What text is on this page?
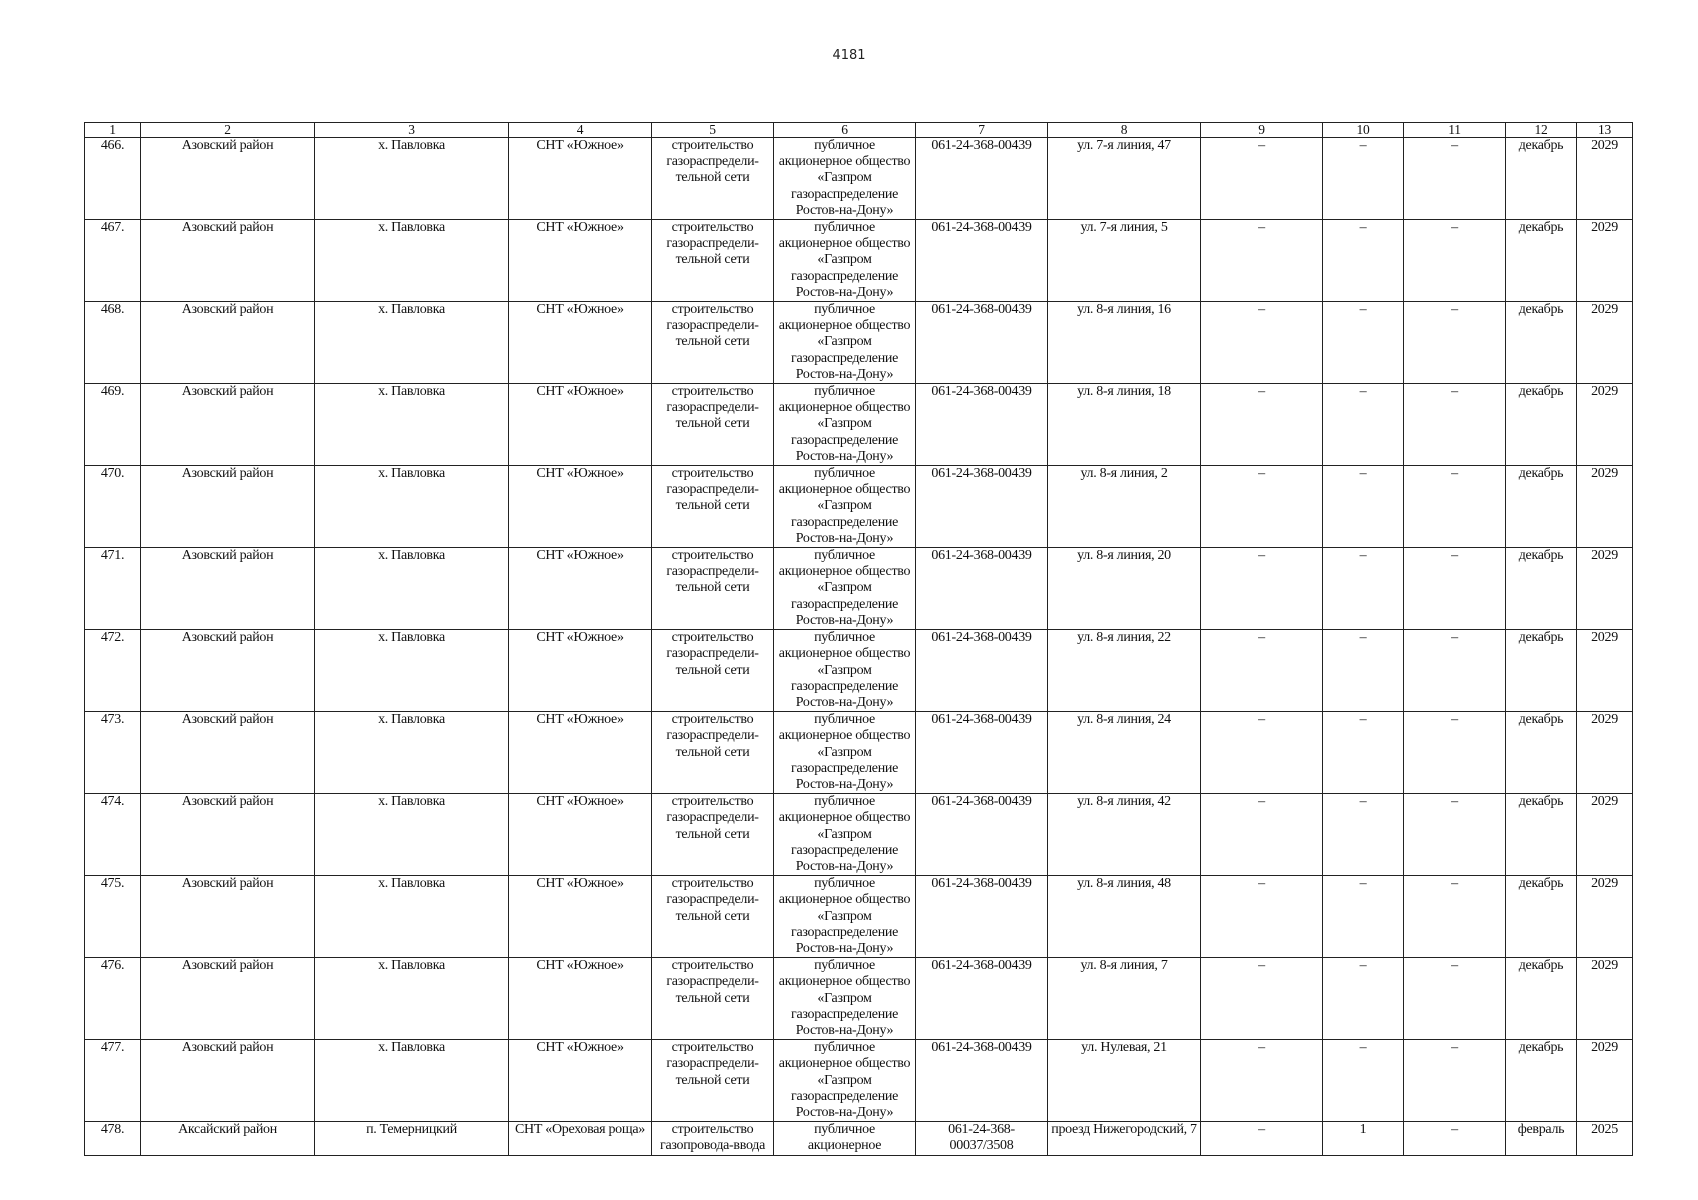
4181
1	2	3	4	5	6	7	8	9	10	11	12	13
466.	Азовский район	х. Павловка	СНТ «Южное»	строительство газораспредели-тельной сети	публичное акционерное общество «Газпром газораспределение Ростов-на-Дону»	061-24-368-00439	ул. 7-я линия, 47	–	–	–	декабрь	2029
467.	Азовский район	х. Павловка	СНТ «Южное»	строительство газораспредели-тельной сети	публичное акционерное общество «Газпром газораспределение Ростов-на-Дону»	061-24-368-00439	ул. 7-я линия, 5	–	–	–	декабрь	2029
468.	Азовский район	х. Павловка	СНТ «Южное»	строительство газораспредели-тельной сети	публичное акционерное общество «Газпром газораспределение Ростов-на-Дону»	061-24-368-00439	ул. 8-я линия, 16	–	–	–	декабрь	2029
469.	Азовский район	х. Павловка	СНТ «Южное»	строительство газораспредели-тельной сети	публичное акционерное общество «Газпром газораспределение Ростов-на-Дону»	061-24-368-00439	ул. 8-я линия, 18	–	–	–	декабрь	2029
470.	Азовский район	х. Павловка	СНТ «Южное»	строительство газораспредели-тельной сети	публичное акционерное общество «Газпром газораспределение Ростов-на-Дону»	061-24-368-00439	ул. 8-я линия, 2	–	–	–	декабрь	2029
471.	Азовский район	х. Павловка	СНТ «Южное»	строительство газораспредели-тельной сети	публичное акционерное общество «Газпром газораспределение Ростов-на-Дону»	061-24-368-00439	ул. 8-я линия, 20	–	–	–	декабрь	2029
472.	Азовский район	х. Павловка	СНТ «Южное»	строительство газораспредели-тельной сети	публичное акционерное общество «Газпром газораспределение Ростов-на-Дону»	061-24-368-00439	ул. 8-я линия, 22	–	–	–	декабрь	2029
473.	Азовский район	х. Павловка	СНТ «Южное»	строительство газораспредели-тельной сети	публичное акционерное общество «Газпром газораспределение Ростов-на-Дону»	061-24-368-00439	ул. 8-я линия, 24	–	–	–	декабрь	2029
474.	Азовский район	х. Павловка	СНТ «Южное»	строительство газораспредели-тельной сети	публичное акционерное общество «Газпром газораспределение Ростов-на-Дону»	061-24-368-00439	ул. 8-я линия, 42	–	–	–	декабрь	2029
475.	Азовский район	х. Павловка	СНТ «Южное»	строительство газораспредели-тельной сети	публичное акционерное общество «Газпром газораспределение Ростов-на-Дону»	061-24-368-00439	ул. 8-я линия, 48	–	–	–	декабрь	2029
476.	Азовский район	х. Павловка	СНТ «Южное»	строительство газораспредели-тельной сети	публичное акционерное общество «Газпром газораспределение Ростов-на-Дону»	061-24-368-00439	ул. 8-я линия, 7	–	–	–	декабрь	2029
477.	Азовский район	х. Павловка	СНТ «Южное»	строительство газораспредели-тельной сети	публичное акционерное общество «Газпром газораспределение Ростов-на-Дону»	061-24-368-00439	ул. Нулевая, 21	–	–	–	декабрь	2029
478.	Аксайский район	п. Темерницкий	СНТ «Ореховая роща»	строительство газопровода-ввода	публичное акционерное	061-24-368-00037/3508	проезд Нижегородский, 7	–	1	–	февраль	2025
